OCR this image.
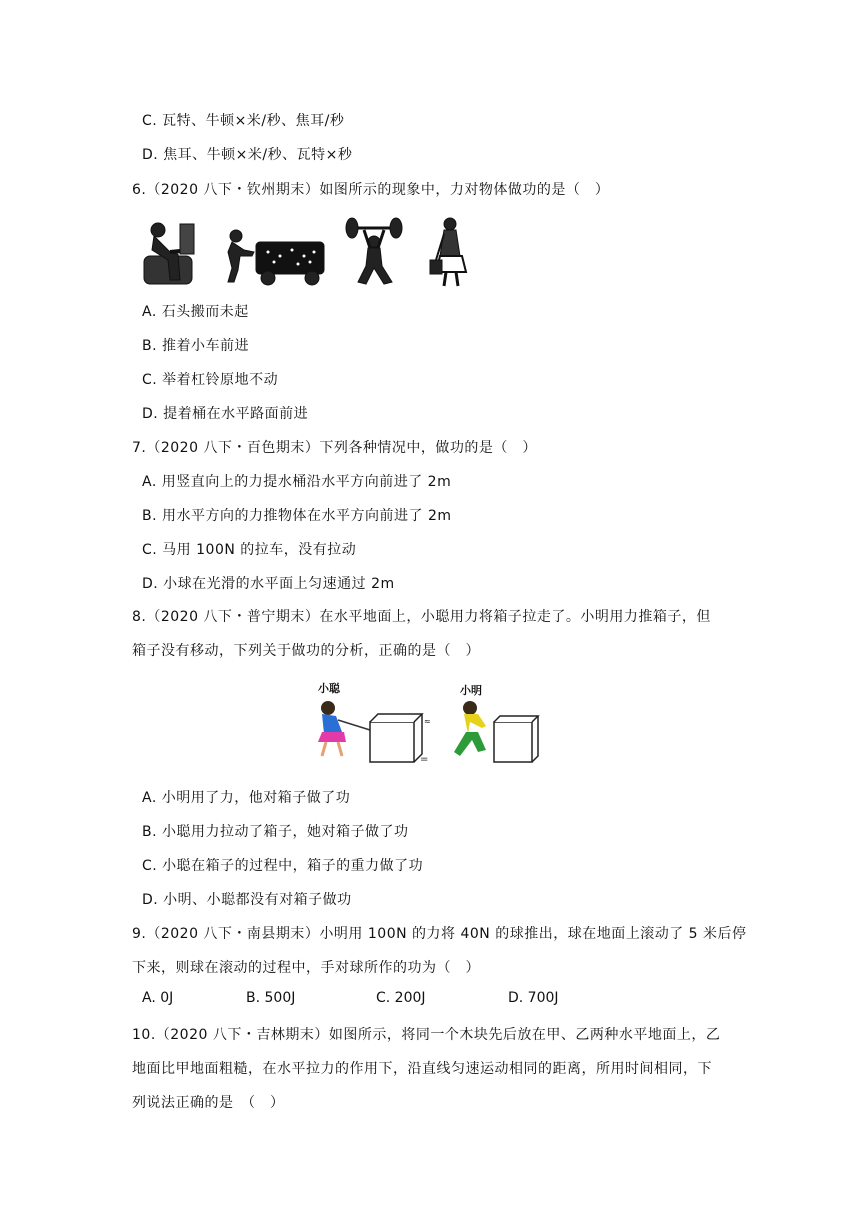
C. 瓦特、牛顿×米/秒、焦耳/秒
D. 焦耳、牛顿×米/秒、瓦特×秒
6.（2020 八下・钦州期末）如图所示的现象中，力对物体做功的是（　）
A. 石头搬而未起
B. 推着小车前进
C. 举着杠铃原地不动
D. 提着桶在水平路面前进
7.（2020 八下・百色期末）下列各种情况中，做功的是（　）
A. 用竖直向上的力提水桶沿水平方向前进了 2m
B. 用水平方向的力推物体在水平方向前进了 2m
C. 马用 100N 的拉车，没有拉动
D. 小球在光滑的水平面上匀速通过 2m
8.（2020 八下・普宁期末）在水平地面上，小聪用力将箱子拉走了。小明用力推箱子，但
箱子没有移动，下列关于做功的分析，正确的是（　）
小聪	小明
≈
=
A. 小明用了力，他对箱子做了功
B. 小聪用力拉动了箱子，她对箱子做了功
C. 小聪在箱子的过程中，箱子的重力做了功
D. 小明、小聪都没有对箱子做功
9.（2020 八下・南县期末）小明用 100N 的力将 40N 的球推出，球在地面上滚动了 5 米后停
下来，则球在滚动的过程中，手对球所作的功为（　）
A. 0J	B. 500J	C. 200J	D. 700J
10.（2020 八下・吉林期末）如图所示，将同一个木块先后放在甲、乙两种水平地面上，乙
地面比甲地面粗糙，在水平拉力的作用下，沿直线匀速运动相同的距离，所用时间相同，下
列说法正确的是　（　）
